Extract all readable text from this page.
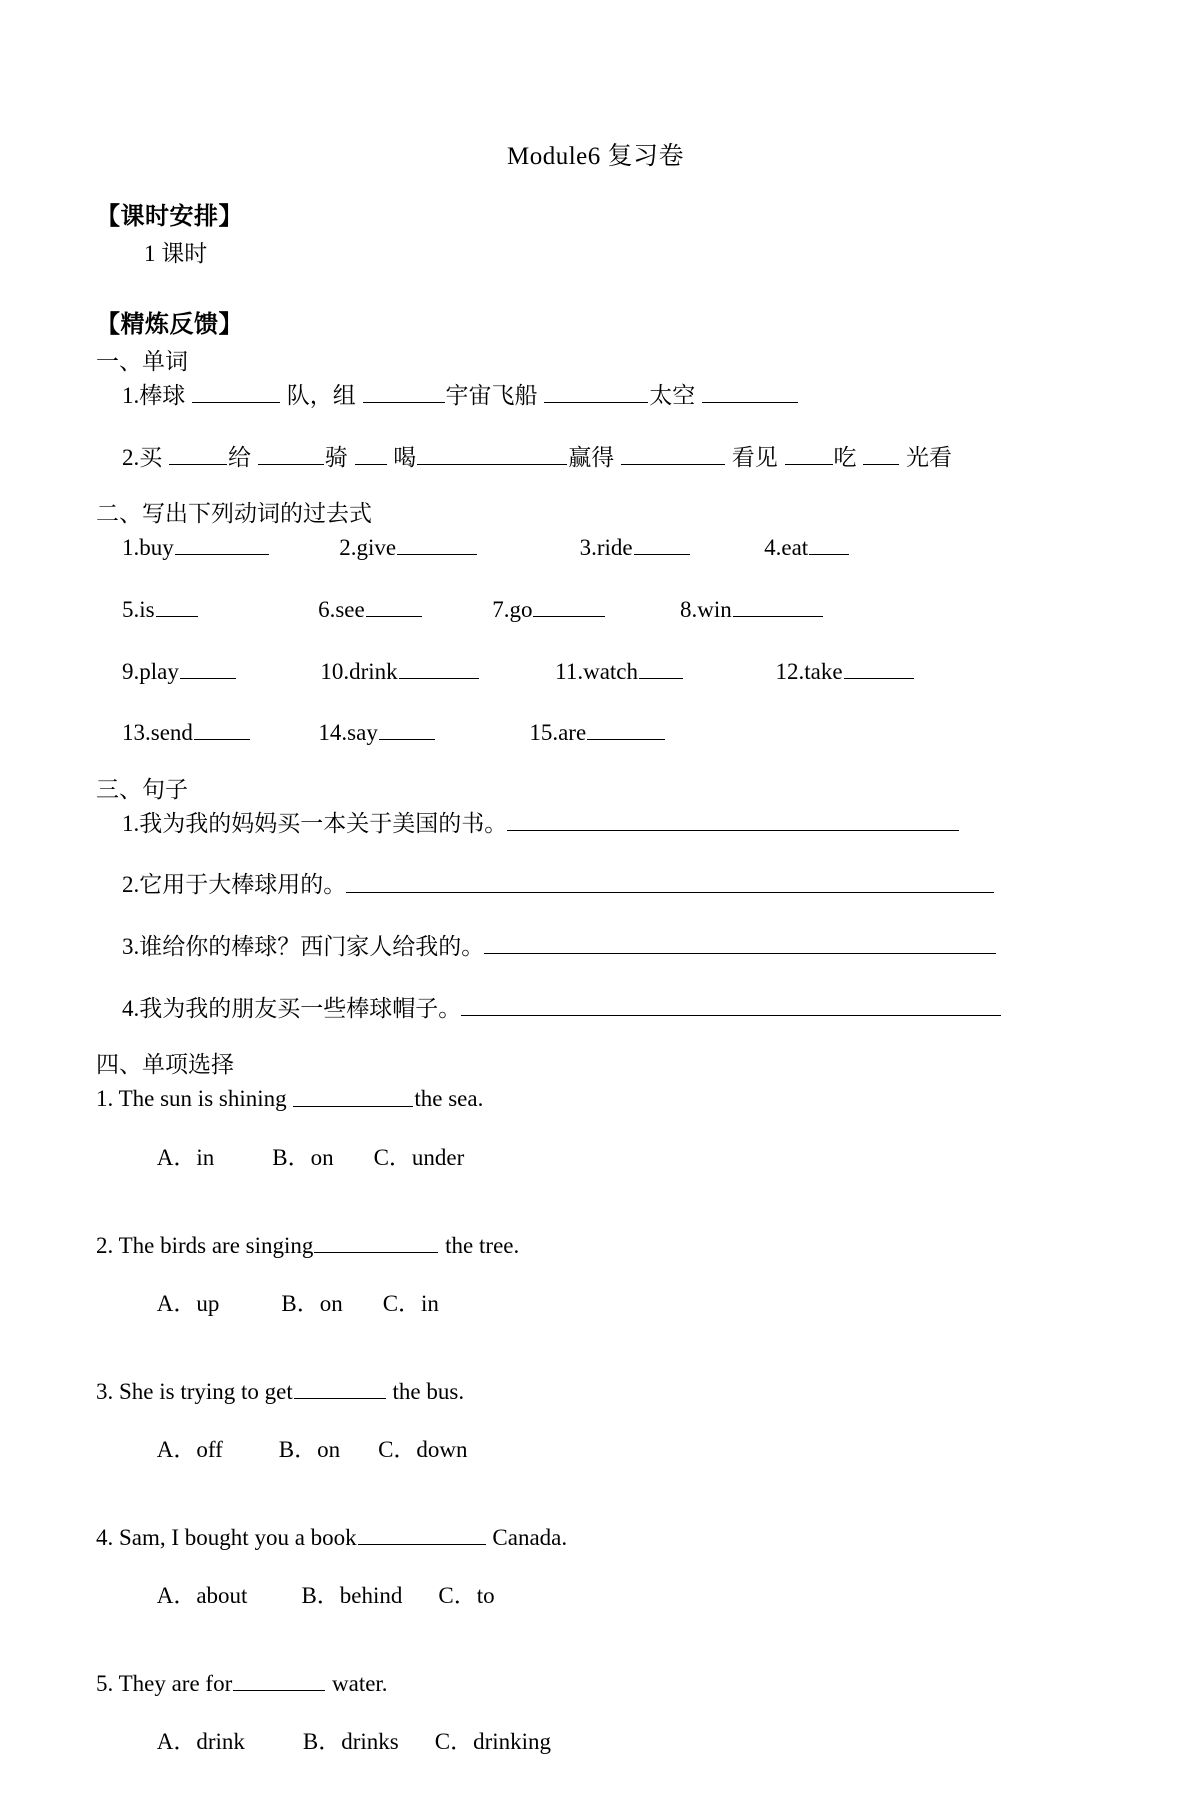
Module6 复习卷
【课时安排】
1 课时
【精炼反馈】
一、单词
1.棒球	队，组	宇宙飞船	太空
2.买	给	骑 喝	赢得	看见 吃 光看
二、写出下列动词的过去式
1.buy	2.give	3.ride	4.eat
5.is	6.see	7.go	8.win
9.play	10.drink	11.watch	12.take
13.send	14.say	15.are
三、句子
1.我为我的妈妈买一本关于美国的书。
2.它用于大棒球用的。
3.谁给你的棒球？西门家人给我的。
4.我为我的朋友买一些棒球帽子。
四、单项选择
1. The sun is shining	the sea.

A．in	B．on C．under

2. The birds are singing	the tree.

A．up	B．on C．in

3. She is trying to get	the bus.

A．off B．on C．down

4. Sam, I bought you a book	Canada.

A．about B．behind C．to

5. They are for	water.

A．drink	B．drinks C．drinking
